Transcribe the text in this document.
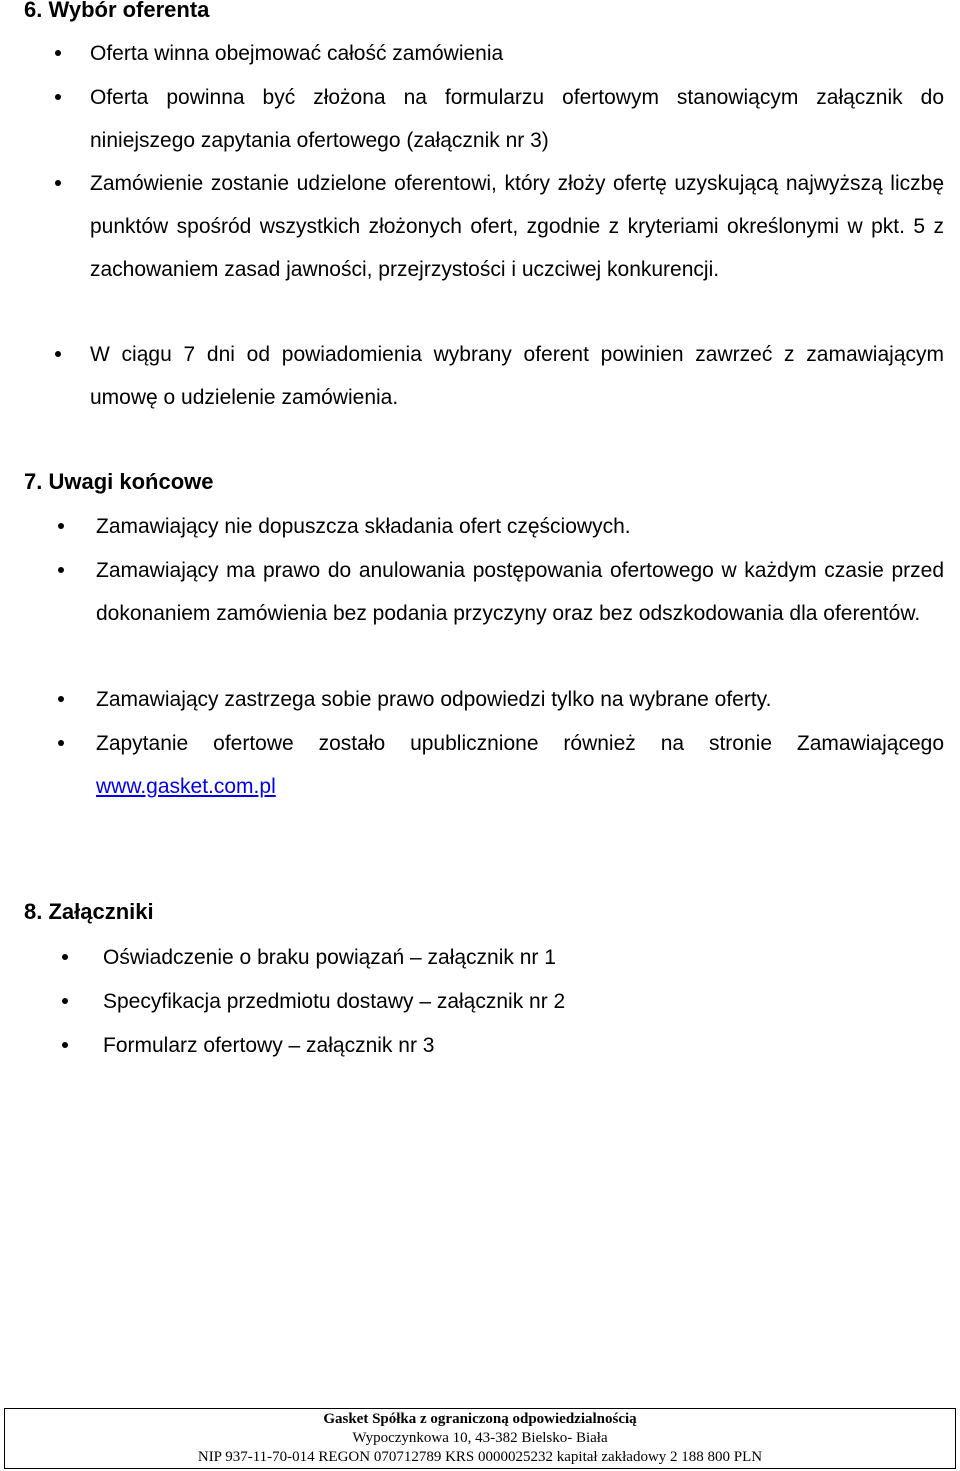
6. Wybór oferenta

Oferta winna obejmować całość zamówienia

Oferta powinna być złożona na formularzu ofertowym stanowiącym załącznik do niniejszego zapytania ofertowego (załącznik nr 3)

Zamówienie zostanie udzielone oferentowi, który złoży ofertę uzyskującą najwyższą liczbę punktów spośród wszystkich złożonych ofert, zgodnie z kryteriami określonymi w pkt. 5 z zachowaniem zasad jawności, przejrzystości i uczciwej konkurencji.

W ciągu 7 dni od powiadomienia wybrany oferent powinien zawrzeć z zamawiającym umowę o udzielenie zamówienia.

7. Uwagi końcowe

Zamawiający nie dopuszcza składania ofert częściowych.

Zamawiający ma prawo do anulowania postępowania ofertowego w każdym czasie przed dokonaniem zamówienia bez podania przyczyny oraz bez odszkodowania dla oferentów.

Zamawiający zastrzega sobie prawo odpowiedzi tylko na wybrane oferty.

Zapytanie ofertowe zostało upublicznione również na stronie Zamawiającego www.gasket.com.pl

8. Załączniki

Oświadczenie o braku powiązań – załącznik nr 1

Specyfikacja przedmiotu dostawy – załącznik nr 2

Formularz ofertowy – załącznik nr 3

Gasket Spółka z ograniczoną odpowiedzialnością
Wypoczynkowa 10, 43-382 Bielsko- Biała
NIP 937-11-70-014 REGON 070712789 KRS 0000025232 kapitał zakładowy 2 188 800 PLN
